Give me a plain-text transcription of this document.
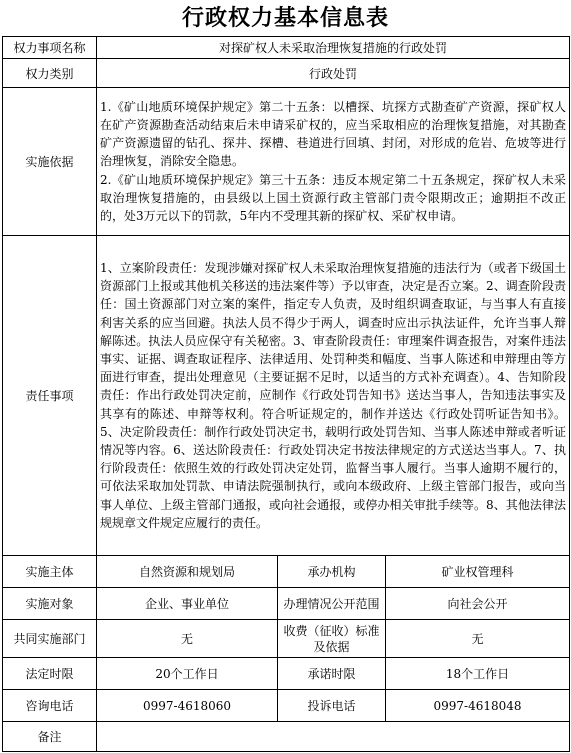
行政权力基本信息表
权力事项名称	对探矿权人未采取治理恢复措施的行政处罚		
权力类别	行政处罚		
实施依据	1.《矿山地质环境保护规定》第二十五条：以槽探、坑探方式勘查矿产资源，探矿权人在矿产资源勘查活动结束后未申请采矿权的，应当采取相应的治理恢复措施，对其勘查矿产资源遗留的钻孔、探井、探槽、巷道进行回填、封闭，对形成的危岩、危坡等进行治理恢复，消除安全隐患。
2.《矿山地质环境保护规定》第三十五条：违反本规定第二十五条规定，探矿权人未采取治理恢复措施的，由县级以上国土资源行政主管部门责令限期改正；逾期拒不改正的，处3万元以下的罚款，5年内不受理其新的探矿权、采矿权申请。		

责任事项	1、立案阶段责任：发现涉嫌对探矿权人未采取治理恢复措施的违法行为（或者下级国土资源部门上报或其他机关移送的违法案件等）予以审查，决定是否立案。2、调查阶段责任：国土资源部门对立案的案件，指定专人负责，及时组织调查取证，与当事人有直接利害关系的应当回避。执法人员不得少于两人，调查时应出示执法证件，允许当事人辩解陈述。执法人员应保守有关秘密。3、审查阶段责任：审理案件调查报告，对案件违法事实、证据、调查取证程序、法律适用、处罚种类和幅度、当事人陈述和申辩理由等方面进行审查，提出处理意见（主要证据不足时，以适当的方式补充调查）。4、告知阶段责任：作出行政处罚决定前，应制作《行政处罚告知书》送达当事人，告知违法事实及其享有的陈述、申辩等权利。符合听证规定的，制作并送达《行政处罚听证告知书》。5、决定阶段责任：制作行政处罚决定书，载明行政处罚告知、当事人陈述申辩或者听证情况等内容。6、送达阶段责任：行政处罚决定书按法律规定的方式送达当事人。7、执行阶段责任：依照生效的行政处罚决定处罚，监督当事人履行。当事人逾期不履行的，可依法采取加处罚款、申请法院强制执行，或向本级政府、上级主管部门报告，或向当事人单位、上级主管部门通报，或向社会通报，或停办相关审批手续等。8、其他法律法规规章文件规定应履行的责任。		
实施主体	自然资源和规划局	承办机构	矿业权管理科
实施对象	企业、事业单位	办理情况公开范围	向社会公开
共同实施部门	无	收费（征收）标准及依据	无
法定时限	20个工作日	承诺时限	18个工作日
咨询电话	0997-4618060	投诉电话	0997-4618048
备注			
